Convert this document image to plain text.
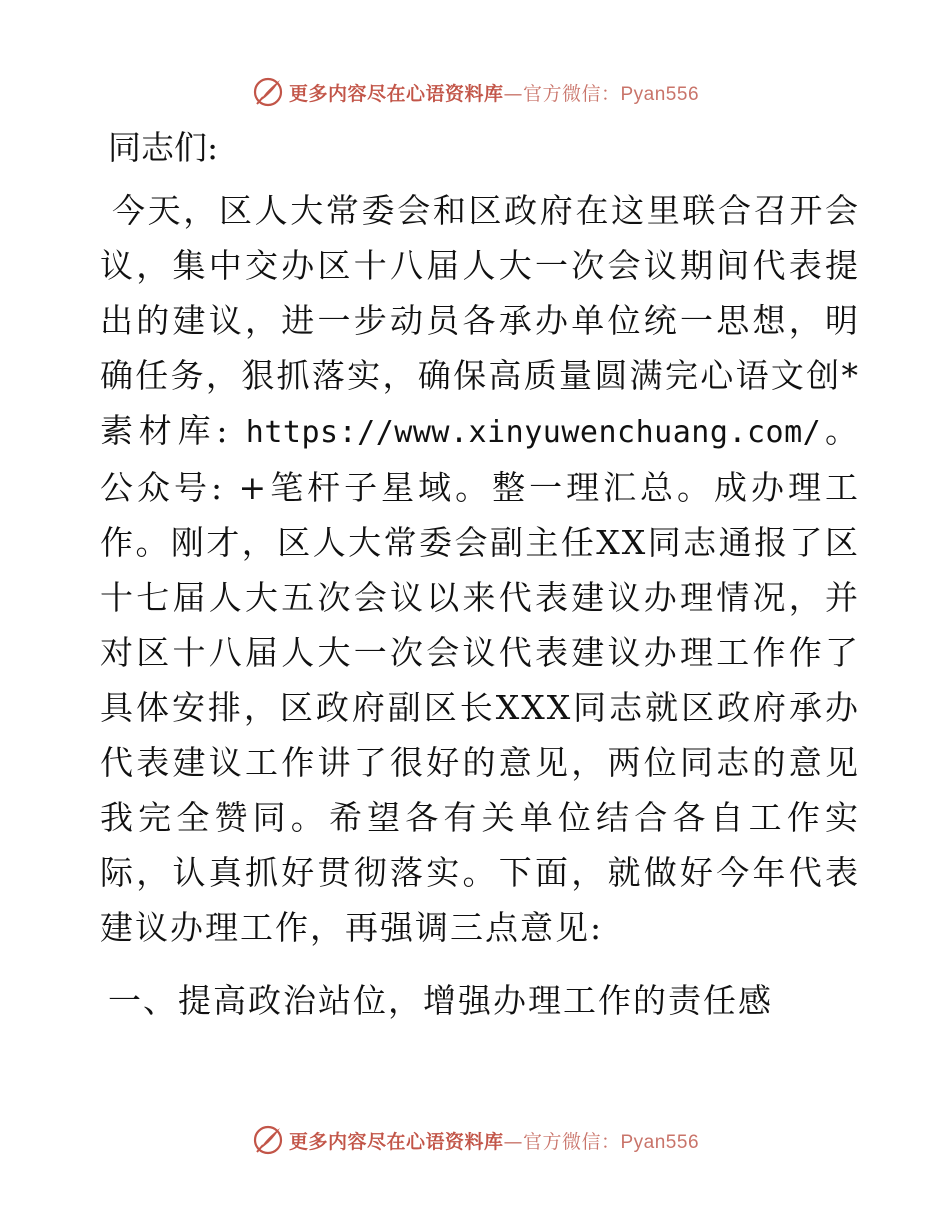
更多内容尽在心语资料库—官方微信：Pyan556
同志们:

今天，区人大常委会和区政府在这里联合召开会议，集中交办区十八届人大一次会议期间代表提出的建议，进一步动员各承办单位统一思想，明确任务，狠抓落实，确保高质量圆满完心语文创*素材库: https://www.xinyuwenchuang.com/。公众号: +笔杆子星域。整一理汇总。成办理工作。刚才，区人大常委会副主任XX同志通报了区十七届人大五次会议以来代表建议办理情况，并对区十八届人大一次会议代表建议办理工作作了具体安排，区政府副区长XXX同志就区政府承办代表建议工作讲了很好的意见，两位同志的意见我完全赞同。希望各有关单位结合各自工作实际，认真抓好贯彻落实。下面，就做好今年代表建议办理工作，再强调三点意见:

一、提高政治站位，增强办理工作的责任感
更多内容尽在心语资料库—官方微信：Pyan556
